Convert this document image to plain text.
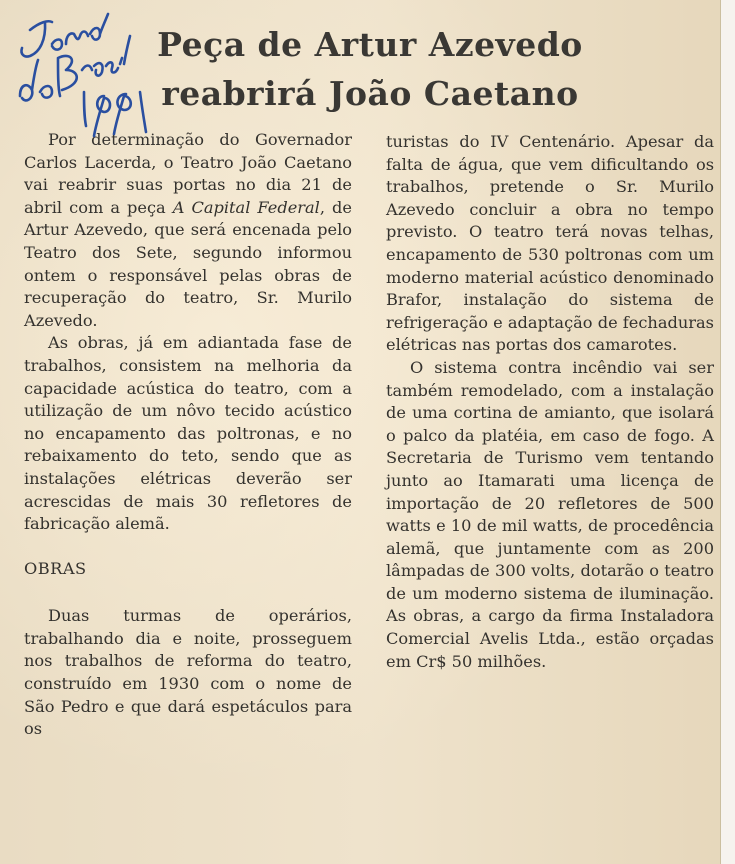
Peça de Artur Azevedo
reabrirá João Caetano

Por determinação do Governador Carlos Lacerda, o Teatro João Caetano vai reabrir suas portas no dia 21 de abril com a peça A Capital Federal, de Artur Azevedo, que será encenada pelo Teatro dos Sete, segundo informou ontem o responsável pelas obras de recuperação do teatro, Sr. Murilo Azevedo.

As obras, já em adiantada fase de trabalhos, consistem na melhoria da capacidade acústica do teatro, com a utilização de um nôvo tecido acústico no encapamento das poltronas, e no rebaixamento do teto, sendo que as instalações elétricas deverão ser acrescidas de mais 30 refletores de fabricação alemã.

OBRAS

Duas turmas de operários, trabalhando dia e noite, prosseguem nos trabalhos de reforma do teatro, construído em 1930 com o nome de São Pedro e que dará espetáculos para os

turistas do IV Centenário. Apesar da falta de água, que vem dificultando os trabalhos, pretende o Sr. Murilo Azevedo concluir a obra no tempo previsto. O teatro terá novas telhas, encapamento de 530 poltronas com um moderno material acústico denominado Brafor, instalação do sistema de refrigeração e adaptação de fechaduras elétricas nas portas dos camarotes.

O sistema contra incêndio vai ser também remodelado, com a instalação de uma cortina de amianto, que isolará o palco da platéia, em caso de fogo. A Secretaria de Turismo vem tentando junto ao Itamarati uma licença de importação de 20 refletores de 500 watts e 10 de mil watts, de procedência alemã, que juntamente com as 200 lâmpadas de 300 volts, dotarão o teatro de um moderno sistema de iluminação. As obras, a cargo da firma Instaladora Comercial Avelis Ltda., estão orçadas em Cr$ 50 milhões.
